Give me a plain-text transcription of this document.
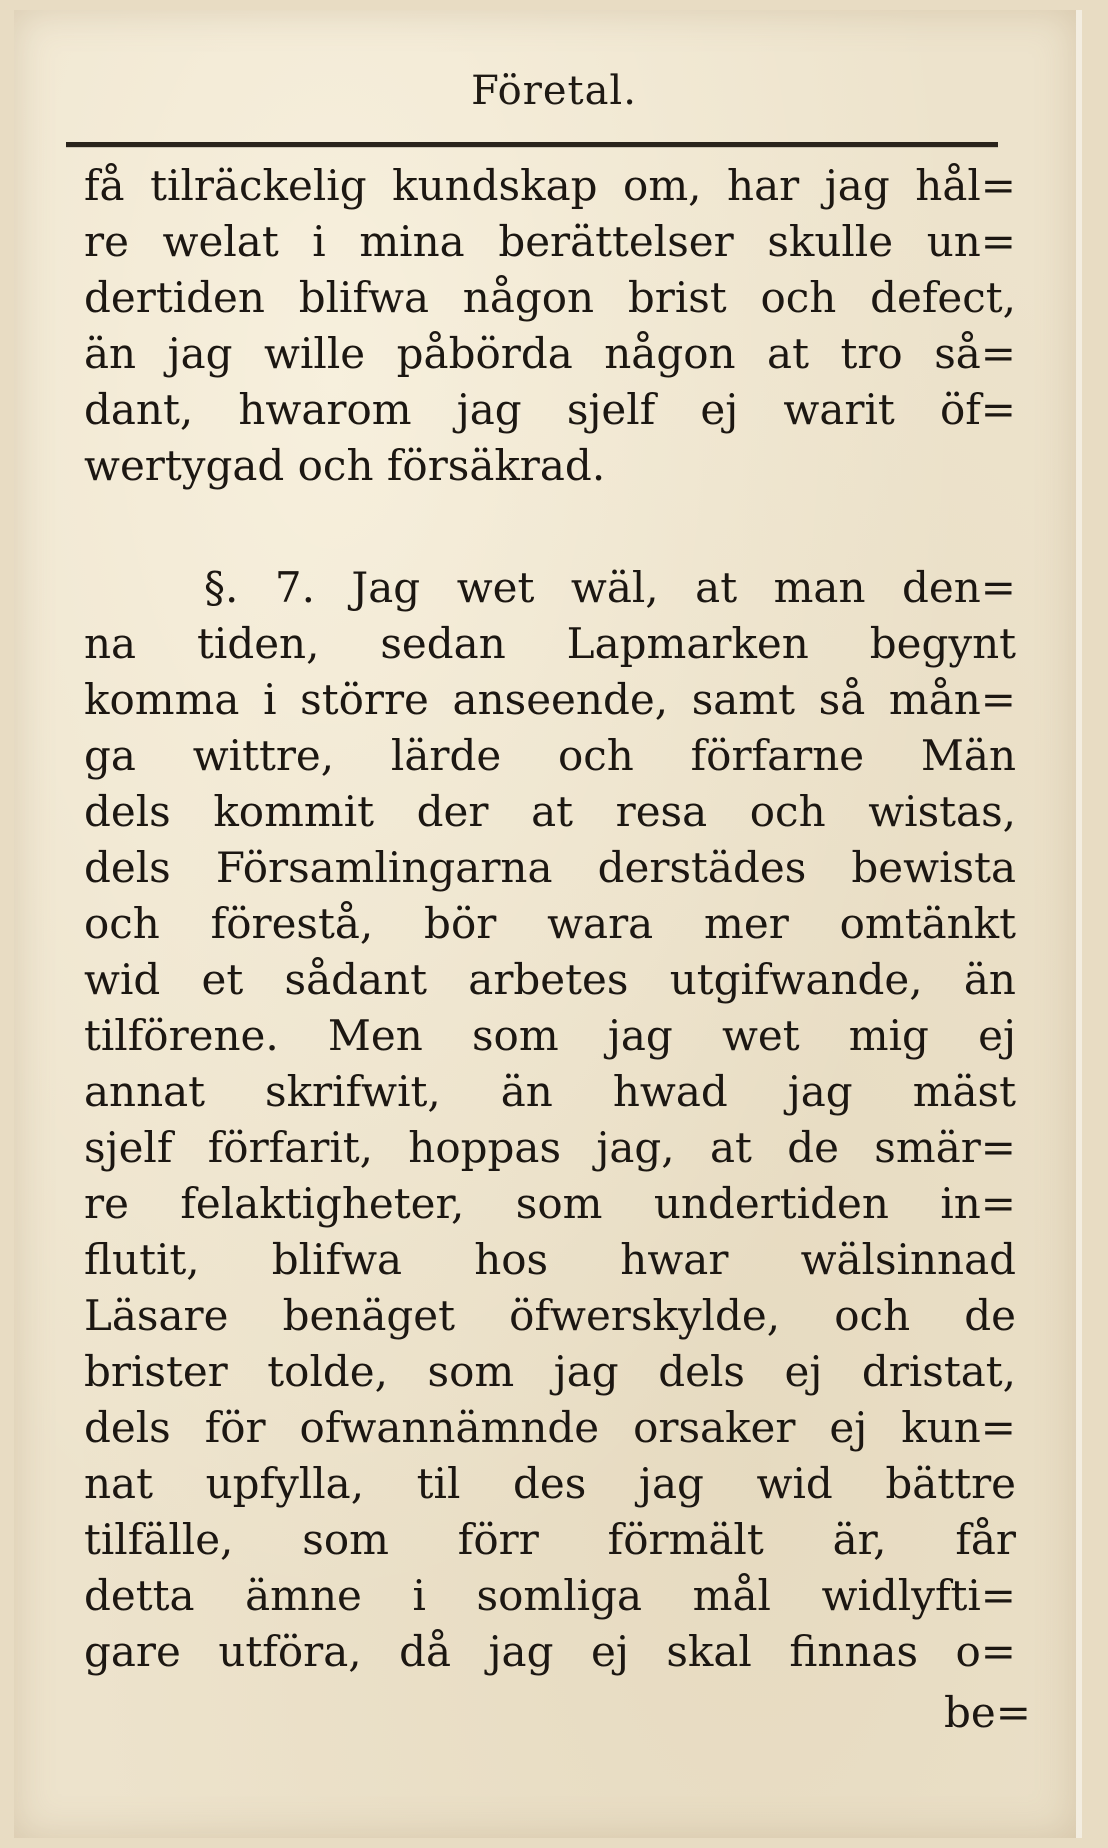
Företal.
få tilräckelig kundskap om, har jag hål=
re welat i mina berättelser skulle un=
dertiden blifwa någon brist och defect,
än jag wille påbörda någon at tro så=
dant, hwarom jag sjelf ej warit öf=
wertygad och försäkrad.
§. 7. Jag wet wäl, at man den=
na tiden, sedan Lapmarken begynt
komma i större anseende, samt så mån=
ga wittre, lärde och förfarne Män
dels kommit der at resa och wistas,
dels Församlingarna derstädes bewista
och förestå, bör wara mer omtänkt
wid et sådant arbetes utgifwande, än
tilförene. Men som jag wet mig ej
annat skrifwit, än hwad jag mäst
sjelf förfarit, hoppas jag, at de smär=
re felaktigheter, som undertiden in=
flutit, blifwa hos hwar wälsinnad
Läsare benäget öfwerskylde, och de
brister tolde, som jag dels ej dristat,
dels för ofwannämnde orsaker ej kun=
nat upfylla, til des jag wid bättre
tilfälle, som förr förmält är, får
detta ämne i somliga mål widlyfti=
gare utföra, då jag ej skal finnas o=
be=
